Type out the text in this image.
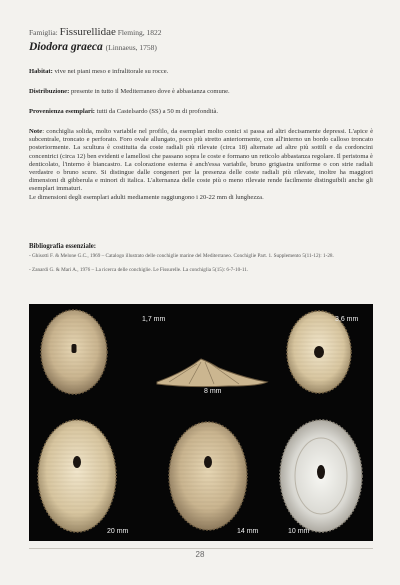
Famiglia: Fissurellidae Fleming, 1822
Diodora graeca (Linnaeus, 1758)
Habitat: vive nei piani meso e infralitorale su rocce.
Distribuzione: presente in tutto il Mediterraneo dove è abbastanza comune.
Provenienza esemplari: tutti da Castelsardo (SS) a 50 m di profondità.
Note: conchiglia solida, molto variabile nel profilo, da esemplari molto conici si passa ad altri decisamente depressi. L'apice è subcentrale, troncato e perforato. Foro ovale allungato, poco più stretto anteriormente, con all'interno un bordo calloso troncato posteriormente. La scultura è costituita da coste radiali più rilevate (circa 18) alternate ad altre più sottili e da cordoncini concentrici (circa 12) ben evidenti e lamellosi che passano sopra le coste e formano un reticolo abbastanza regolare. Il peristoma è denticolato, l'interno è biancastro. La colorazione esterna è anch'essa variabile, bruno grigiastra uniforme o con strie radiali verdastre o bruno scure. Si distingue dalle congeneri per la presenza delle coste radiali più rilevate, inoltre ha maggiori dimensioni di gibberula e minori di italica. L'alternanza delle coste più o meno rilevate rende facilmente distinguibili anche gli esemplari immaturi.
Le dimensioni degli esemplari adulti mediamente raggiungono i 20-22 mm di lunghezza.
Bibliografia essenziale:
- Ghisotti F. & Melone G.C., 1969 – Catalogo illustrato delle conchiglie marine del Mediterraneo. Conchiglie Part. 1. Supplemento 5(11-12): 1-28.
- Zanardi G. & Mari A., 1976 – La ricerca delle conchiglie. Le Fissurelle. La conchiglia 5(15): 6-7-10-11.
1,7 mm	3,6 mm
8 mm
20 mm	14 mm	10 mm
28
